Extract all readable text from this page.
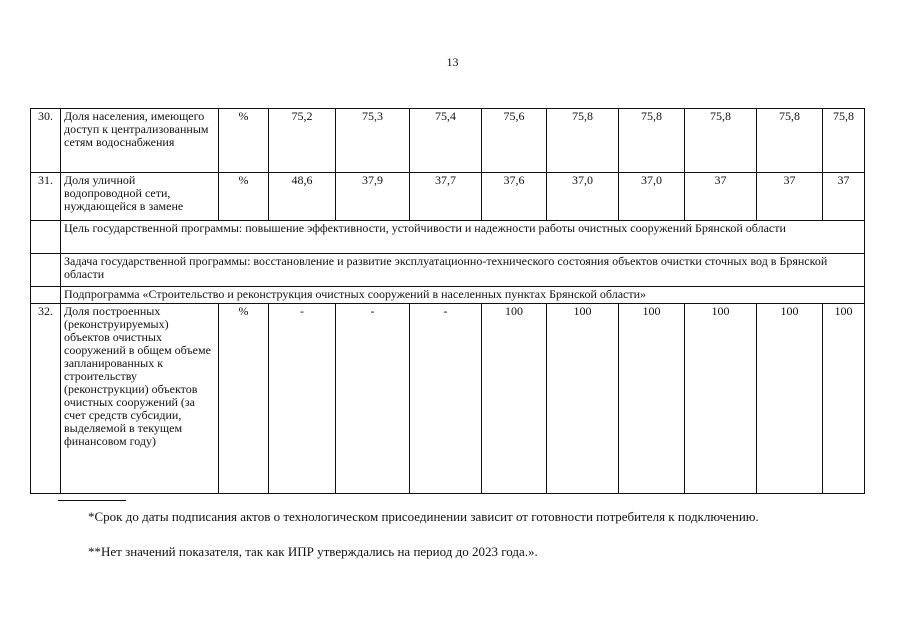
13
30.	Доля населения, имеющего доступ к централизованным сетям водоснабжения	%	75,2	75,3	75,4	75,6	75,8	75,8	75,8	75,8	75,8
31.	Доля уличной водопроводной сети, нуждающейся в замене	%	48,6	37,9	37,7	37,6	37,0	37,0	37	37	37
	Цель государственной программы: повышение эффективности, устойчивости и надежности работы очистных сооружений Брянской области										
	Задача государственной программы: восстановление и развитие эксплуатационно-технического состояния объектов очистки сточных вод в Брянской области										
	Подпрограмма «Строительство и реконструкция очистных сооружений в населенных пунктах Брянской области»										
32.	Доля построенных (реконструируемых) объектов очистных сооружений в общем объеме запланированных к строительству (реконструкции) объектов очистных сооружений (за счет средств субсидии, выделяемой в текущем финансовом году)	%	-	-	-	100	100	100	100	100	100
*Срок до даты подписания актов о технологическом присоединении зависит от готовности потребителя к подключению.
**Нет значений показателя, так как ИПР утверждались на период до 2023 года.».
